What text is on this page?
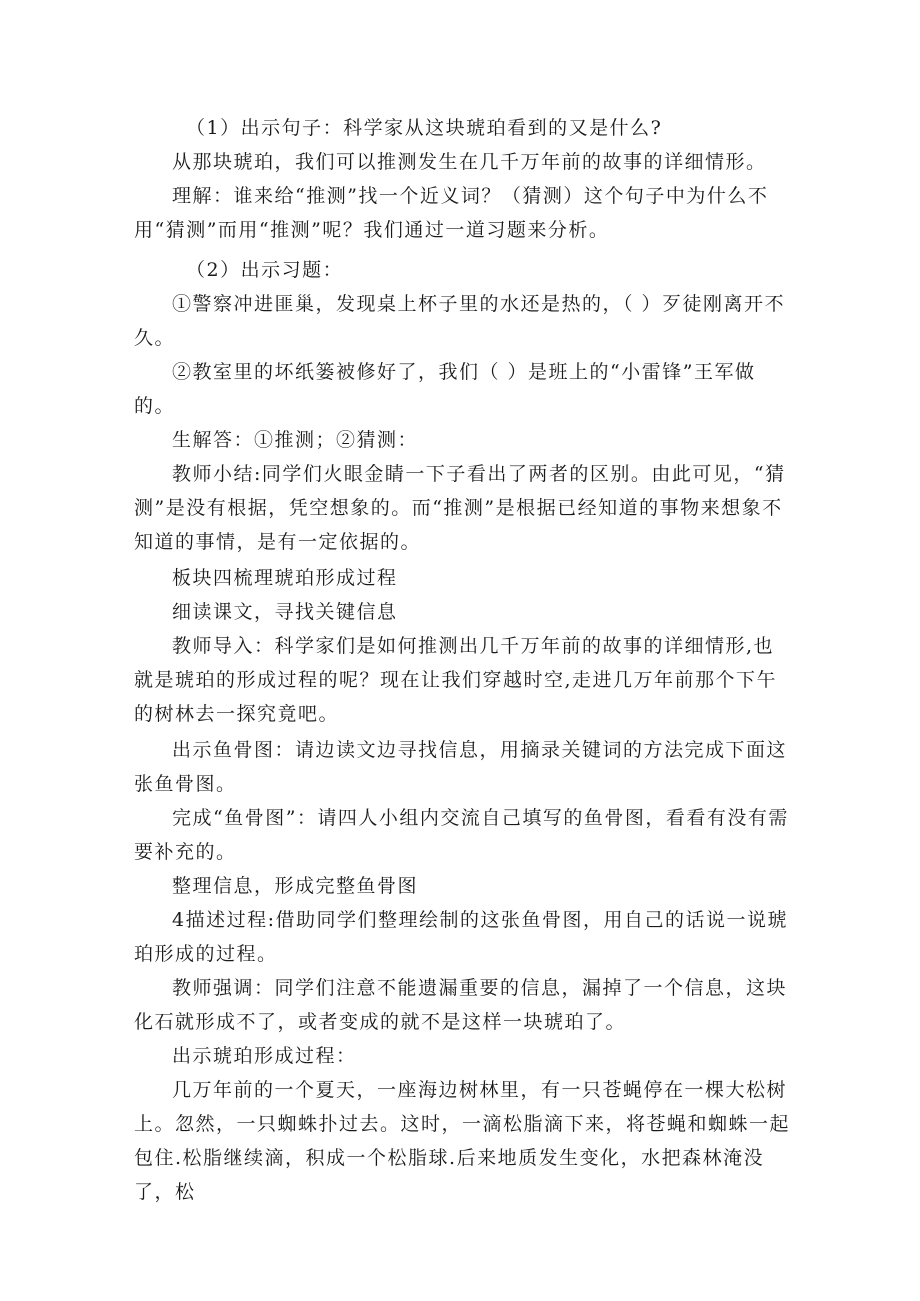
（1）出示句子：科学家从这块琥珀看到的又是什么?

从那块琥珀，我们可以推测发生在几千万年前的故事的详细情形。

理解：谁来给“推测”找一个近义词？（猜测）这个句子中为什么不用“猜测”而用“推测”呢？我们通过一道习题来分析。

（2）出示习题：

①警察冲进匪巢，发现桌上杯子里的水还是热的，（ ）歹徒刚离开不久。

②教室里的坏纸篓被修好了，我们（ ）是班上的“小雷锋”王军做的。

生解答：①推测；②猜测：

教师小结:同学们火眼金睛一下子看出了两者的区别。由此可见，“猜测”是没有根据，凭空想象的。而“推测”是根据已经知道的事物来想象不知道的事情，是有一定依据的。

板块四梳理琥珀形成过程

细读课文，寻找关键信息

教师导入：科学家们是如何推测出几千万年前的故事的详细情形,也就是琥珀的形成过程的呢？现在让我们穿越时空,走进几万年前那个下午的树林去一探究竟吧。

出示鱼骨图：请边读文边寻找信息，用摘录关键词的方法完成下面这张鱼骨图。

完成“鱼骨图”：请四人小组内交流自己填写的鱼骨图，看看有没有需要补充的。

整理信息，形成完整鱼骨图

4描述过程:借助同学们整理绘制的这张鱼骨图，用自己的话说一说琥珀形成的过程。

教师强调：同学们注意不能遗漏重要的信息，漏掉了一个信息，这块化石就形成不了，或者变成的就不是这样一块琥珀了。

出示琥珀形成过程：

几万年前的一个夏天，一座海边树林里，有一只苍蝇停在一棵大松树上。忽然，一只蜘蛛扑过去。这时，一滴松脂滴下来，将苍蝇和蜘蛛一起包住.松脂继续滴，积成一个松脂球.后来地质发生变化，水把森林淹没了，松
